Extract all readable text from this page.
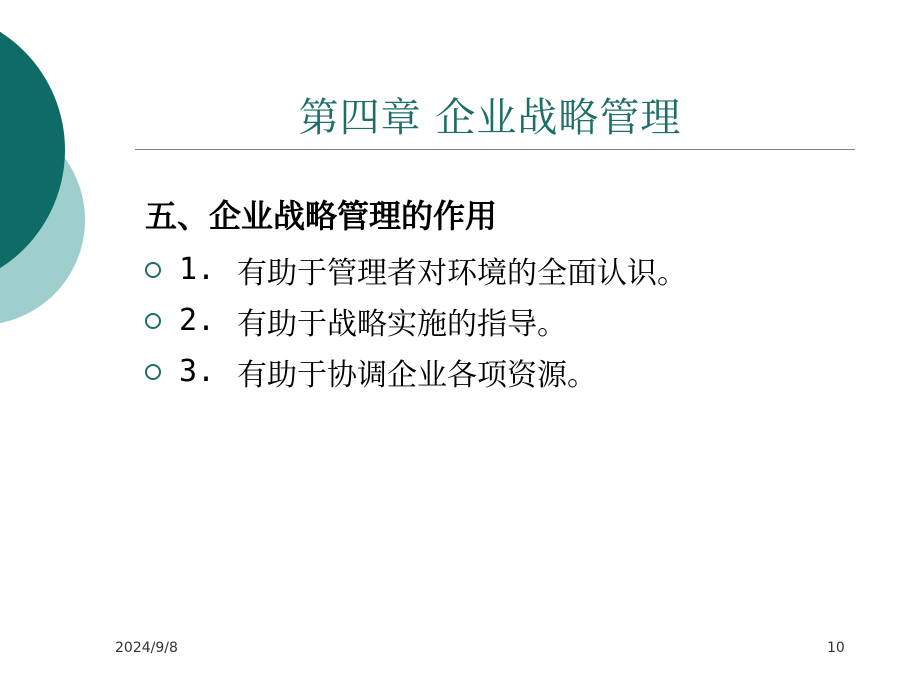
第四章 企业战略管理
五、企业战略管理的作用
1. 有助于管理者对环境的全面认识。
2. 有助于战略实施的指导。
3. 有助于协调企业各项资源。
2024/9/8	10
